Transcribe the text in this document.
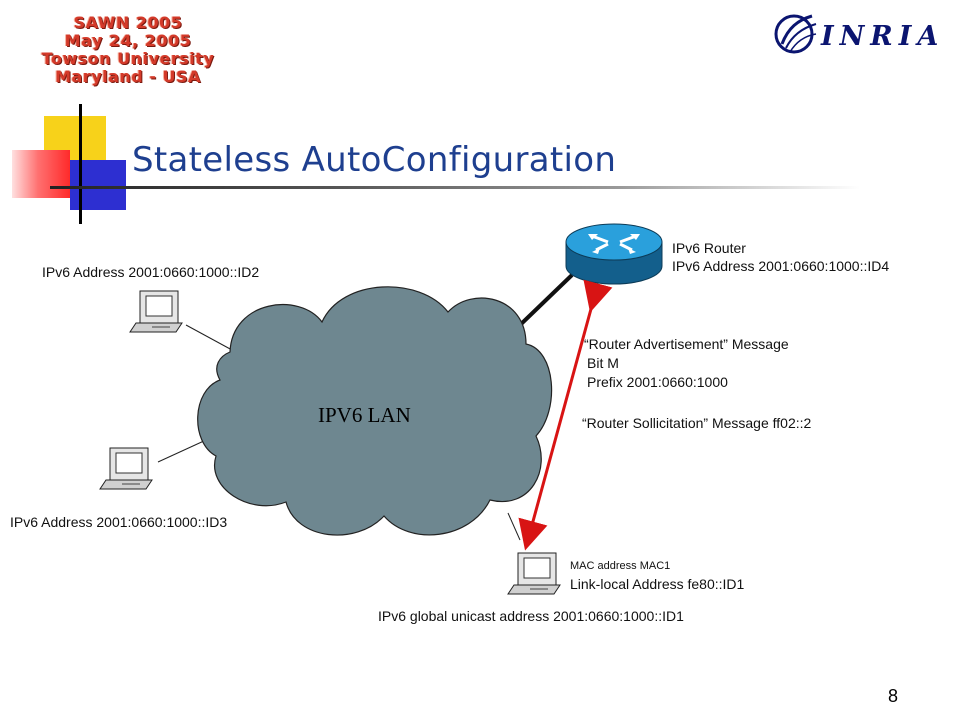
SAWN 2005
May 24, 2005
Towson University
Maryland - USA
INRIA
Stateless AutoConfiguration
IPV6 LAN
IPv6 Address 2001:0660:1000::ID2
IPv6 Address 2001:0660:1000::ID3
IPv6 Router
IPv6 Address 2001:0660:1000::ID4
“Router Advertisement” Message
Bit M
Prefix 2001:0660:1000
“Router Sollicitation” Message ff02::2
MAC address MAC1
Link-local Address fe80::ID1
IPv6 global unicast address 2001:0660:1000::ID1
8
